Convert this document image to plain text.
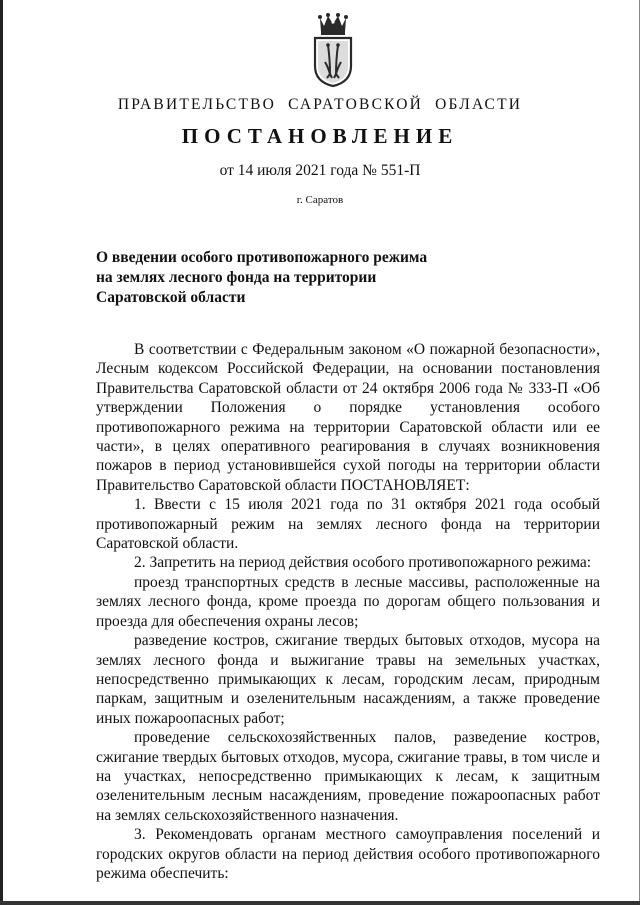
ПРАВИТЕЛЬСТВО САРАТОВСКОЙ ОБЛАСТИ
ПОСТАНОВЛЕНИЕ
от 14 июля 2021 года № 551-П
г. Саратов
О введении особого противопожарного режима
на землях лесного фонда на территории
Саратовской области

В соответствии с Федеральным законом «О пожарной безопасности», Лесным кодексом Российской Федерации, на основании постановления Правительства Саратовской области от 24 октября 2006 года № 333-П «Об утверждении Положения о порядке установления особого противопожарного режима на территории Саратовской области или ее части», в целях оперативного реагирования в случаях возникновения пожаров в период установившейся сухой погоды на территории области Правительство Саратовской области ПОСТАНОВЛЯЕТ:

1. Ввести с 15 июля 2021 года по 31 октября 2021 года особый противопожарный режим на землях лесного фонда на территории Саратовской области.

2. Запретить на период действия особого противопожарного режима:

проезд транспортных средств в лесные массивы, расположенные на землях лесного фонда, кроме проезда по дорогам общего пользования и проезда для обеспечения охраны лесов;

разведение костров, сжигание твердых бытовых отходов, мусора на землях лесного фонда и выжигание травы на земельных участках, непосредственно примыкающих к лесам, городским лесам, природным паркам, защитным и озеленительным насаждениям, а также проведение иных пожароопасных работ;

проведение сельскохозяйственных палов, разведение костров, сжигание твердых бытовых отходов, мусора, сжигание травы, в том числе и на участках, непосредственно примыкающих к лесам, к защитным озеленительным лесным насаждениям, проведение пожароопасных работ на землях сельскохозяйственного назначения.

3. Рекомендовать органам местного самоуправления поселений и городских округов области на период действия особого противопожарного режима обеспечить:
